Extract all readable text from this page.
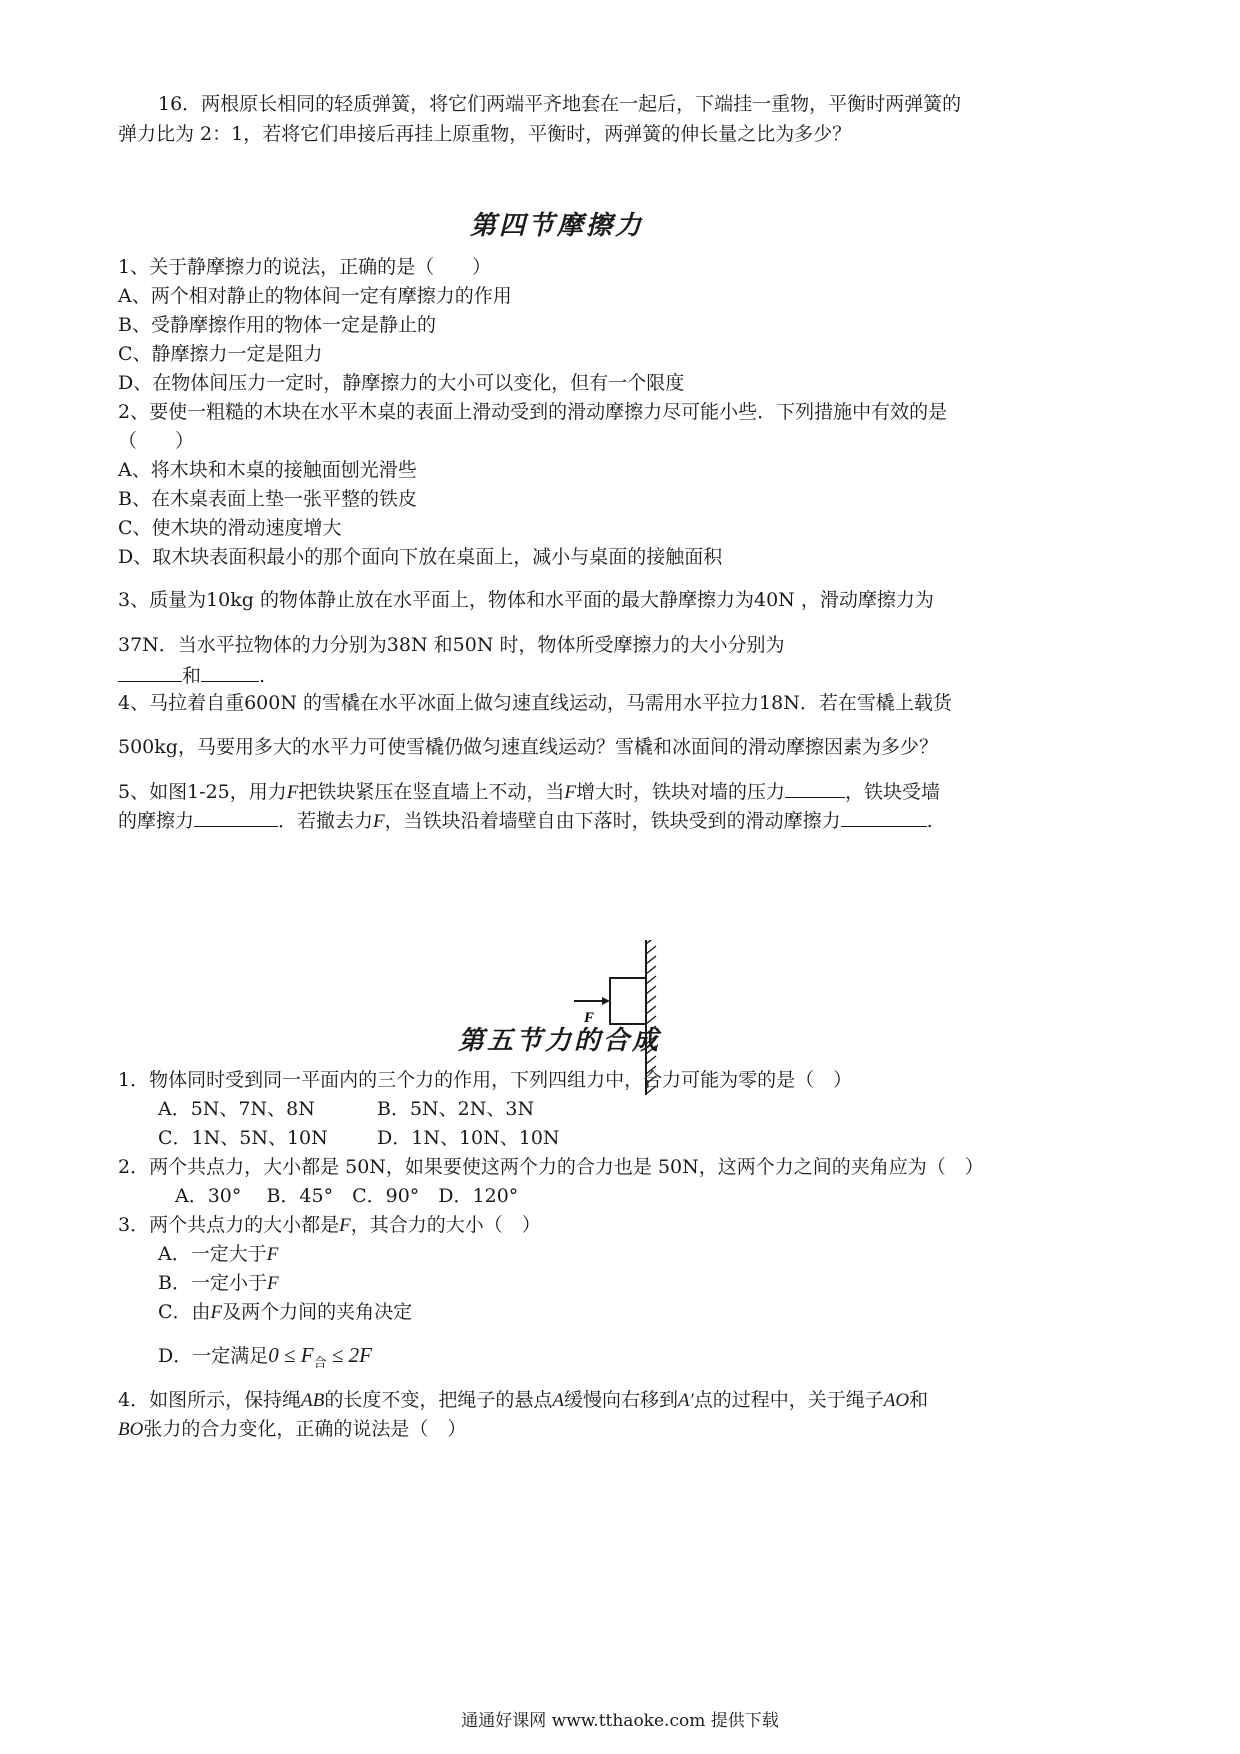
16．两根原长相同的轻质弹簧，将它们两端平齐地套在一起后，下端挂一重物，平衡时两弹簧的
弹力比为 2：1，若将它们串接后再挂上原重物，平衡时，两弹簧的伸长量之比为多少？
第四节摩擦力
1、关于静摩擦力的说法，正确的是（　　）
A、两个相对静止的物体间一定有摩擦力的作用
B、受静摩擦作用的物体一定是静止的
C、静摩擦力一定是阻力
D、在物体间压力一定时，静摩擦力的大小可以变化，但有一个限度
2、要使一粗糙的木块在水平木桌的表面上滑动受到的滑动摩擦力尽可能小些．下列措施中有效的是
（　　）
A、将木块和木桌的接触面刨光滑些
B、在木桌表面上垫一张平整的铁皮
C、使木块的滑动速度增大
D、取木块表面积最小的那个面向下放在桌面上，减小与桌面的接触面积
3、质量为10kg 的物体静止放在水平面上，物体和水平面的最大静摩擦力为40N ，滑动摩擦力为
37N．当水平拉物体的力分别为38N 和50N 时，物体所受摩擦力的大小分别为
和	.
4、马拉着自重600N 的雪橇在水平冰面上做匀速直线运动，马需用水平拉力18N．若在雪橇上载货
500kg，马要用多大的水平力可使雪橇仍做匀速直线运动？雪橇和冰面间的滑动摩擦因素为多少？
5、如图1-25，用力F把铁块紧压在竖直墙上不动，当F增大时，铁块对墙的压力	，铁块受墙
的摩擦力	．若撤去力F，当铁块沿着墙壁自由下落时，铁块受到的滑动摩擦力	.
F
第五节力的合成
1．物体同时受到同一平面内的三个力的作用，下列四组力中，合力可能为零的是（　）
A．5N、7N、8N	B．5N、2N、3N
C．1N、5N、10N	D．1N、10N、10N
2．两个共点力，大小都是 50N，如果要使这两个力的合力也是 50N，这两个力之间的夹角应为（　）
A．30°　 B．45°　C．90°　D．120°
3．两个共点力的大小都是F，其合力的大小（　）
A．一定大于F
B．一定小于F
C．由F及两个力间的夹角决定
D．一定满足$0 \le F_合 \le 2F$
4．如图所示，保持绳AB的长度不变，把绳子的悬点A缓慢向右移到A′点的过程中，关于绳子AO和
BO张力的合力变化，正确的说法是（　）
通通好课网 www.tthaoke.com 提供下载
